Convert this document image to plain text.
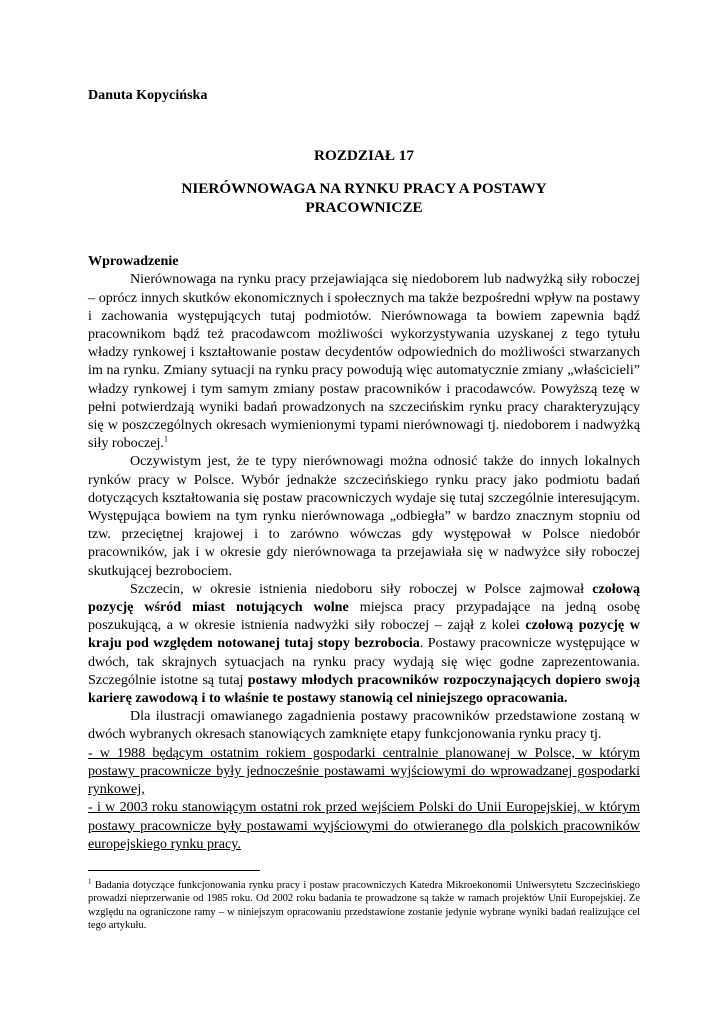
Danuta Kopycińska

ROZDZIAŁ 17

NIERÓWNOWAGA NA RYNKU PRACY A POSTAWY
PRACOWNICZE

Wprowadzenie

Nierównowaga na rynku pracy przejawiająca się niedoborem lub nadwyżką siły roboczej – oprócz innych skutków ekonomicznych i społecznych ma także bezpośredni wpływ na postawy i zachowania występujących tutaj podmiotów. Nierównowaga ta bowiem zapewnia bądź pracownikom bądź też pracodawcom możliwości wykorzystywania uzyskanej z tego tytułu władzy rynkowej i kształtowanie postaw decydentów odpowiednich do możliwości stwarzanych im na rynku. Zmiany sytuacji na rynku pracy powodują więc automatycznie zmiany „właścicieli” władzy rynkowej i tym samym zmiany postaw pracowników i pracodawców. Powyższą tezę w pełni potwierdzają wyniki badań prowadzonych na szczecińskim rynku pracy charakteryzujący się w poszczególnych okresach wymienionymi typami nierównowagi tj. niedoborem i nadwyżką siły roboczej.$^1$

Oczywistym jest, że te typy nierównowagi można odnosić także do innych lokalnych rynków pracy w Polsce. Wybór jednakże szczecińskiego rynku pracy jako podmiotu badań dotyczących kształtowania się postaw pracowniczych wydaje się tutaj szczególnie interesującym. Występująca bowiem na tym rynku nierównowaga „odbiegła” w bardzo znacznym stopniu od tzw. przeciętnej krajowej i to zarówno wówczas gdy występował w Polsce niedobór pracowników, jak i w okresie gdy nierównowaga ta przejawiała się w nadwyżce siły roboczej skutkującej bezrobociem.

Szczecin, w okresie istnienia niedoboru siły roboczej w Polsce zajmował czołową pozycję wśród miast notujących wolne miejsca pracy przypadające na jedną osobę poszukującą, a w okresie istnienia nadwyżki siły roboczej – zajął z kolei czołową pozycję w kraju pod względem notowanej tutaj stopy bezrobocia. Postawy pracownicze występujące w dwóch, tak skrajnych sytuacjach na rynku pracy wydają się więc godne zaprezentowania. Szczególnie istotne są tutaj postawy młodych pracowników rozpoczynających dopiero swoją karierę zawodową i to właśnie te postawy stanowią cel niniejszego opracowania.

Dla ilustracji omawianego zagadnienia postawy pracowników przedstawione zostaną w dwóch wybranych okresach stanowiących zamknięte etapy funkcjonowania rynku pracy tj.
- w 1988 będącym ostatnim rokiem gospodarki centralnie planowanej w Polsce, w którym postawy pracownicze były jednocześnie postawami wyjściowymi do wprowadzanej gospodarki rynkowej,
- i w 2003 roku stanowiącym ostatni rok przed wejściem Polski do Unii Europejskiej, w którym postawy pracownicze były postawami wyjściowymi do otwieranego dla polskich pracowników europejskiego rynku pracy.

$^1$ Badania dotyczące funkcjonowania rynku pracy i postaw pracowniczych Katedra Mikroekonomii Uniwersytetu Szczecińskiego prowadzi nieprzerwanie od 1985 roku. Od 2002 roku badania te prowadzone są także w ramach projektów Unii Europejskiej. Ze względu na ograniczone ramy – w niniejszym opracowaniu przedstawione zostanie jedynie wybrane wyniki badań realizujące cel tego artykułu.
